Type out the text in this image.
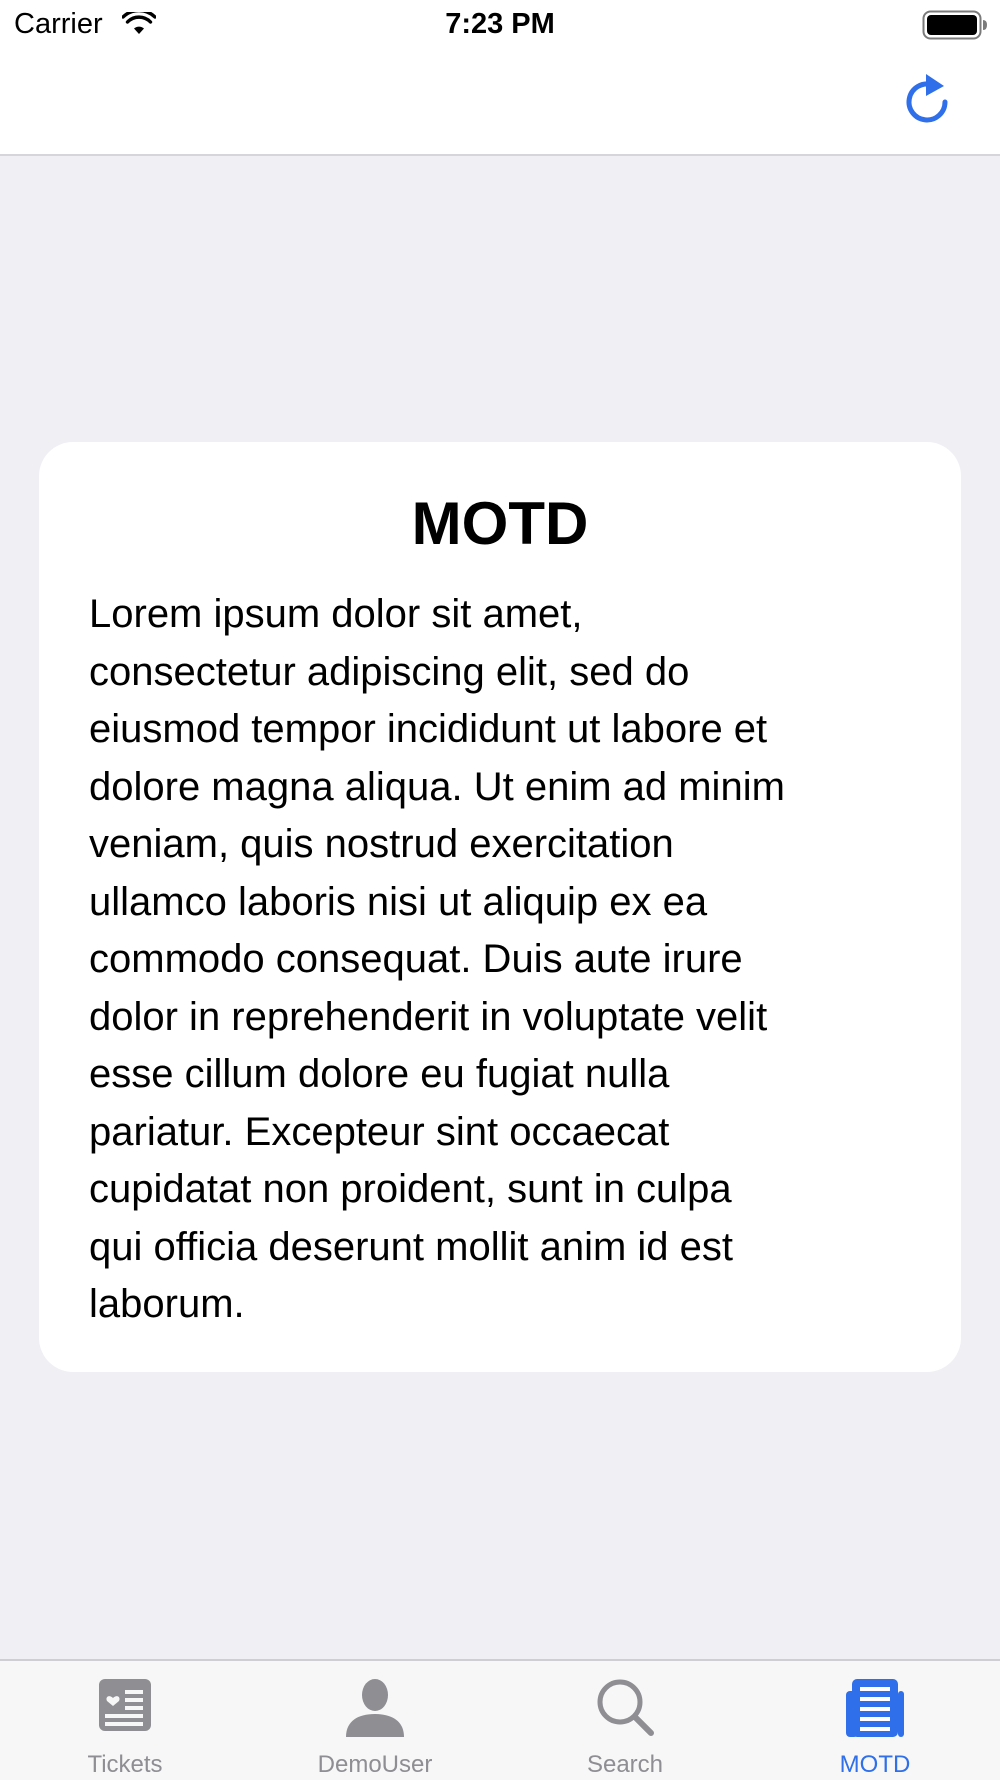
Carrier	7:23 PM
MOTD
Lorem ipsum dolor sit amet,
consectetur adipiscing elit, sed do
eiusmod tempor incididunt ut labore et
dolore magna aliqua. Ut enim ad minim
veniam, quis nostrud exercitation
ullamco laboris nisi ut aliquip ex ea
commodo consequat. Duis aute irure
dolor in reprehenderit in voluptate velit
esse cillum dolore eu fugiat nulla
pariatur. Excepteur sint occaecat
cupidatat non proident, sunt in culpa
qui officia deserunt mollit anim id est
laborum.
Tickets	DemoUser	Search	MOTD
